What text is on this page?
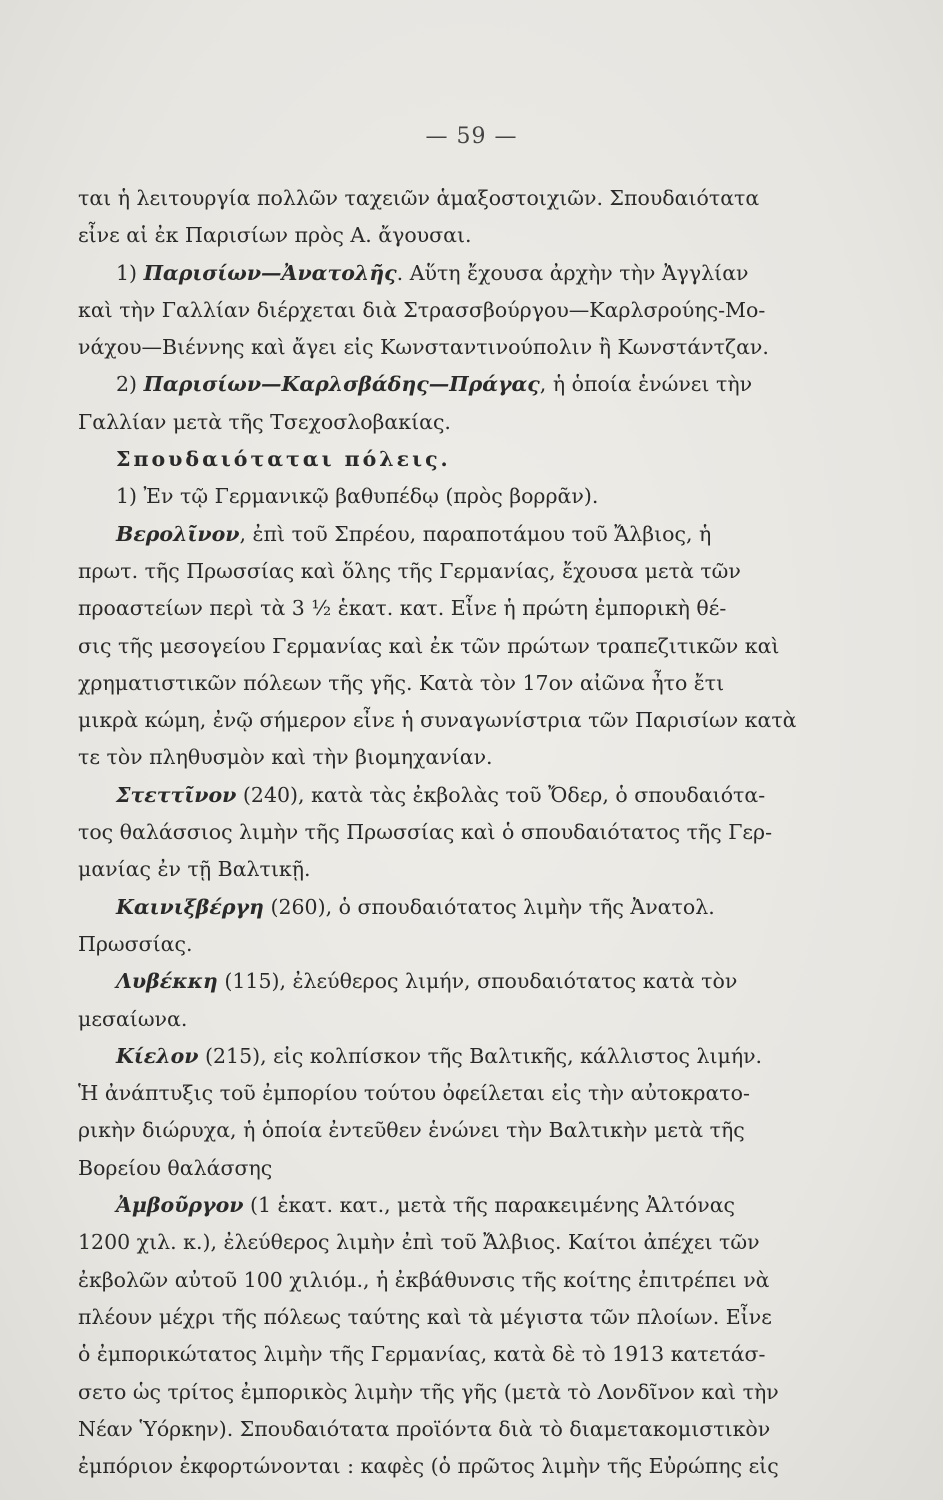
— 59 —
ται ἡ λειτουργία πολλῶν ταχειῶν ἁμαξοστοιχιῶν. Σπουδαιότατα
εἶνε αἱ ἐκ Παρισίων πρὸς Α. ἄγουσαι.
1) Παρισίων—Ἀνατολῆς. Αὕτη ἔχουσα ἀρχὴν τὴν Ἀγγλίαν
καὶ τὴν Γαλλίαν διέρχεται διὰ Στρασσβούργου—Καρλσρούης-Μο-
νάχου—Βιέννης καὶ ἄγει εἰς Κωνσταντινούπολιν ἢ Κωνστάντζαν.
2) Παρισίων—Καρλσβάδης—Πράγας, ἡ ὁποία ἑνώνει τὴν
Γαλλίαν μετὰ τῆς Τσεχοσλοβακίας.
Σπουδαιόταται πόλεις.
1) Ἐν τῷ Γερμανικῷ βαθυπέδῳ (πρὸς βορρᾶν).
Βερολῖνον, ἐπὶ τοῦ Σπρέου, παραποτάμου τοῦ Ἄλβιος, ἡ
πρωτ. τῆς Πρωσσίας καὶ ὅλης τῆς Γερμανίας, ἔχουσα μετὰ τῶν
προαστείων περὶ τὰ 3 ½ ἑκατ. κατ. Εἶνε ἡ πρώτη ἐμπορικὴ θέ-
σις τῆς μεσογείου Γερμανίας καὶ ἐκ τῶν πρώτων τραπεζιτικῶν καὶ
χρηματιστικῶν πόλεων τῆς γῆς. Κατὰ τὸν 17ον αἰῶνα ἦτο ἔτι
μικρὰ κώμη, ἐνῷ σήμερον εἶνε ἡ συναγωνίστρια τῶν Παρισίων κατὰ
τε τὸν πληθυσμὸν καὶ τὴν βιομηχανίαν.
Στεττῖνον (240), κατὰ τὰς ἐκβολὰς τοῦ Ὄδερ, ὁ σπουδαιότα-
τος θαλάσσιος λιμὴν τῆς Πρωσσίας καὶ ὁ σπουδαιότατος τῆς Γερ-
μανίας ἐν τῇ Βαλτικῇ.
Καινιξβέργη (260), ὁ σπουδαιότατος λιμὴν τῆς Ἀνατολ.
Πρωσσίας.
Λυβέκκη (115), ἐλεύθερος λιμήν, σπουδαιότατος κατὰ τὸν
μεσαίωνα.
Κίελον (215), εἰς κολπίσκον τῆς Βαλτικῆς, κάλλιστος λιμήν.
Ἡ ἀνάπτυξις τοῦ ἐμπορίου τούτου ὀφείλεται εἰς τὴν αὐτοκρατο-
ρικὴν διώρυχα, ἡ ὁποία ἐντεῦθεν ἑνώνει τὴν Βαλτικὴν μετὰ τῆς
Βορείου θαλάσσης
Ἀμβοῦργον (1 ἑκατ. κατ., μετὰ τῆς παρακειμένης Ἀλτόνας
1200 χιλ. κ.), ἐλεύθερος λιμὴν ἐπὶ τοῦ Ἄλβιος. Καίτοι ἀπέχει τῶν
ἐκβολῶν αὐτοῦ 100 χιλιόμ., ἡ ἐκβάθυνσις τῆς κοίτης ἐπιτρέπει νὰ
πλέουν μέχρι τῆς πόλεως ταύτης καὶ τὰ μέγιστα τῶν πλοίων. Εἶνε
ὁ ἐμπορικώτατος λιμὴν τῆς Γερμανίας, κατὰ δὲ τὸ 1913 κατετάσ-
σετο ὡς τρίτος ἐμπορικὸς λιμὴν τῆς γῆς (μετὰ τὸ Λονδῖνον καὶ τὴν
Νέαν Ὑόρκην). Σπουδαιότατα προϊόντα διὰ τὸ διαμετακομιστικὸν
ἐμπόριον ἐκφορτώνονται : καφὲς (ὁ πρῶτος λιμὴν τῆς Εὐρώπης εἰς
